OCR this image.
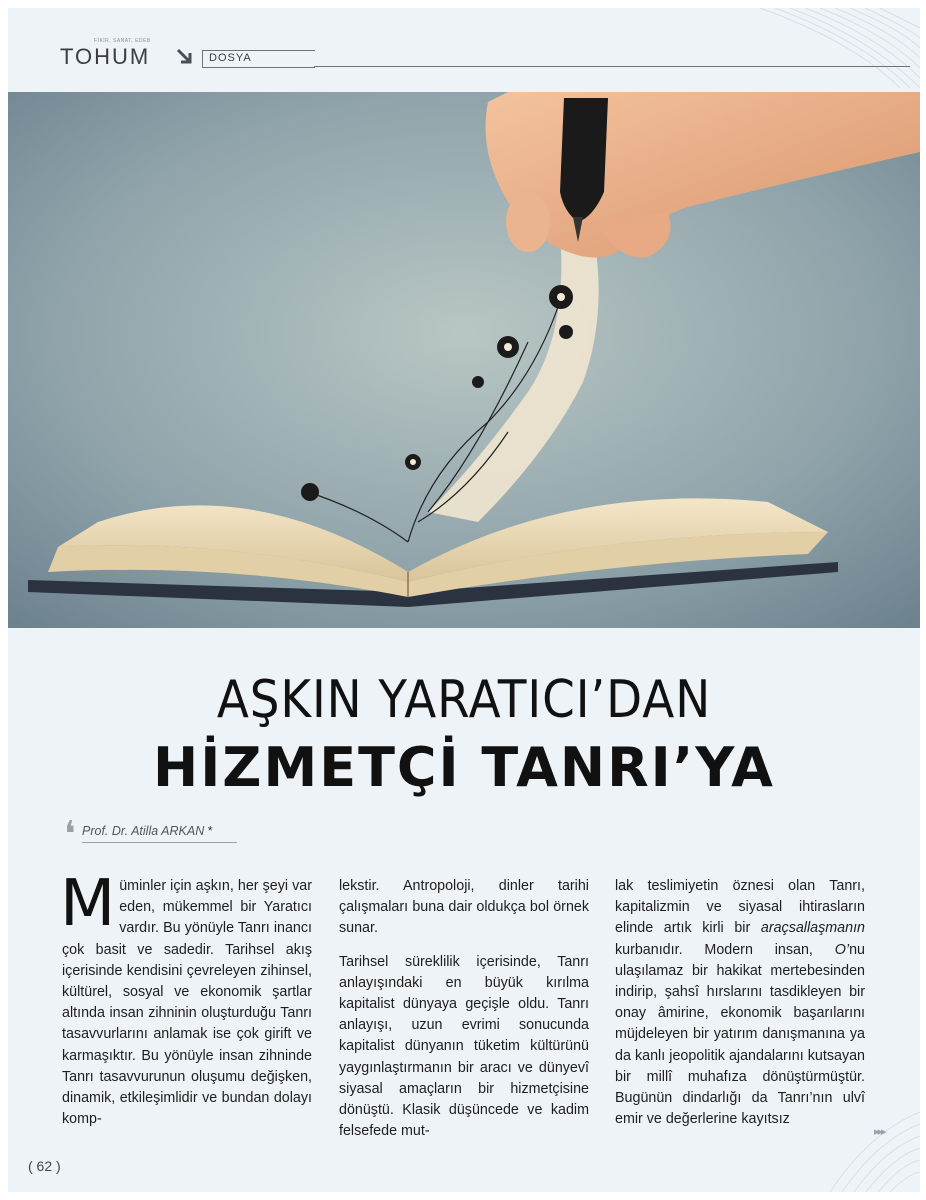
FİKİR, SANAT, EDEB
TOHUM	DOSYA
AŞKIN YARATICI’DAN
HİZMETÇİ TANRI’YA
❛ Prof. Dr. Atilla ARKAN *

Müminler için aşkın, her şeyi var eden, mükemmel bir Yaratıcı vardır. Bu yönüyle Tanrı inancı çok basit ve sadedir. Tarihsel akış içerisinde kendisini çevreleyen zihinsel, kültürel, sosyal ve ekonomik şartlar altında insan zihninin oluşturduğu Tanrı tasavvurlarını anlamak ise çok girift ve karmaşıktır. Bu yönüyle insan zihninde Tanrı tasavvurunun oluşumu değişken, dinamik, etkileşimlidir ve bundan dolayı komp-

lekstir. Antropoloji, dinler tarihi çalışmaları buna dair oldukça bol örnek sunar.

Tarihsel süreklilik içerisinde, Tanrı anlayışındaki en büyük kırılma kapitalist dünyaya geçişle oldu. Tanrı anlayışı, uzun evrimi sonucunda kapitalist dünyanın tüketim kültürünü yaygınlaştırmanın bir aracı ve dünyevî siyasal amaçların bir hizmetçisine dönüştü. Klasik düşüncede ve kadim felsefede mut-

lak teslimiyetin öznesi olan Tanrı, kapitalizmin ve siyasal ihtirasların elinde artık kirli bir araçsallaşmanın kurbanıdır. Modern insan, O’nu ulaşılamaz bir hakikat mertebesinden indirip, şahsî hırslarını tasdikleyen bir onay âmirine, ekonomik başarılarını müjdeleyen bir yatırım danışmanına ya da kanlı jeopolitik ajandalarını kutsayan bir millî muhafıza dönüştürmüştür. Bugünün dindarlığı da Tanrı’nın ulvî emir ve değerlerine kayıtsız

▸▸▸
( 62 )
